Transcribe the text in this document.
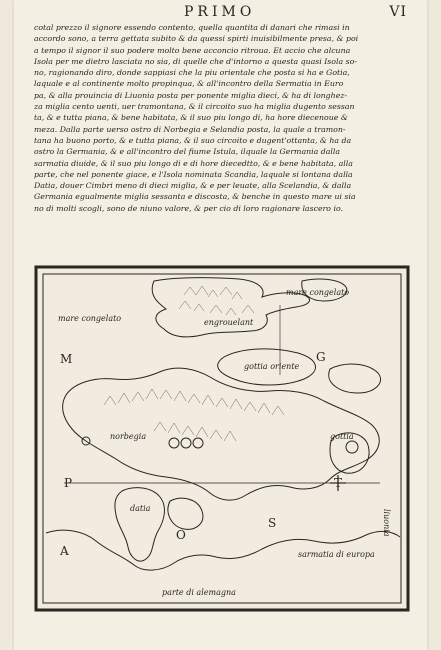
PRIMO	VI

cotal prezzo il signore essendo contento, quella quantita di danari che rimasi in
accordo sono, a terra gettata subito & da quessi spirti inuisibilmente presa, & poi
a tempo il signor il suo podere molto bene acconcio ritroua. Et accio che alcuna
Isola per me dietro lasciata no sia, di quelle che d'intorno a questa quasi Isola so-
no, ragionando diro, donde sappiasi che la piu orientale che posta si ha e Gotia,
laquale e al continente molto propinqua, & all'incontro della Sermatia in Euro
pa, & alla prouincia di Liuonia posta per ponente miglia dieci, & ha di longhez-
za miglia cento uenti, uer tramontana, & il circoito suo ha miglia dugento sessan
ta, & e tutta piana, & bene habitata, & il suo piu longo di, ha hore diecenoue &
meza. Dalla parte uerso ostro di Norbegia e Selandia posta, la quale a tramon-
tana ha buono porto, & e tutta piana, & il suo circoito e dugent'ottanta, & ha da
ostro la Germania, & e all'incontro del fiume Istula, ilquale la Germania dalla
sarmatia diuide, & il suo piu longo di e di hore diecedtto, & e bene habitata, alla
parte, che nel ponente giace, e l'Isola nominata Scandia, laquale si lontana dalla
Datia, douer Cimbri meno di dieci miglia, & e per leuate, alla Scelandia, & dalla
Germania egualmente miglia sessanta e discosta, & benche in questo mare ui sia
no di molti scogli, sono de niuno valore, & per cio di loro ragionare lascero io.

mare congelato
mare congelato	engrouelant
gottia oriente
norbegia	gottia
datia
liuonia
sarmatia di europa
parte di alemagna
M	G
P	T
A
S
O
